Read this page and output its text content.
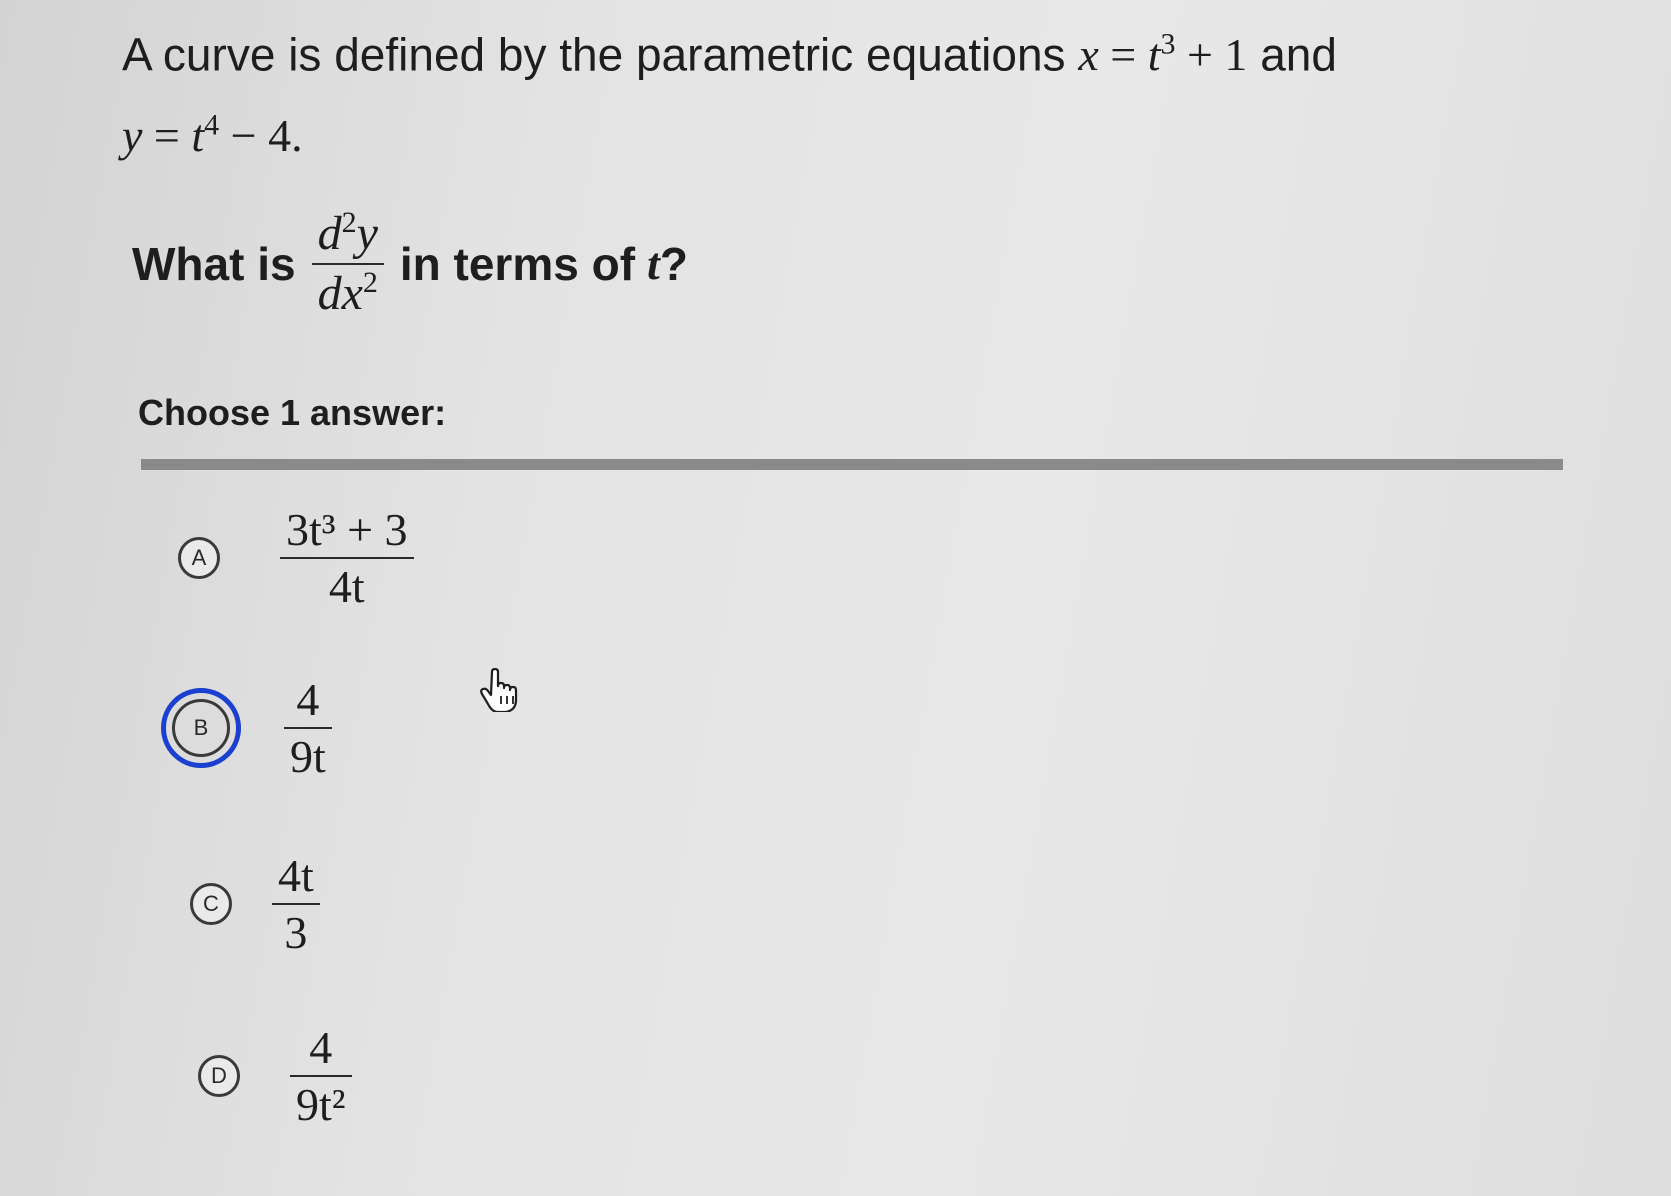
A curve is defined by the parametric equations $x = t^3 + 1$ and
$y = t^4 - 4$.
What is $\frac{d^2y}{dx^2}$ in terms of t ?
Choose 1 answer:
A $\frac{\text{3t³ + 3}}{4t}$
B $\frac{4}{9t}$
C $\frac{4t}{3}$
D $\frac{4}{\text{9t²}}$
